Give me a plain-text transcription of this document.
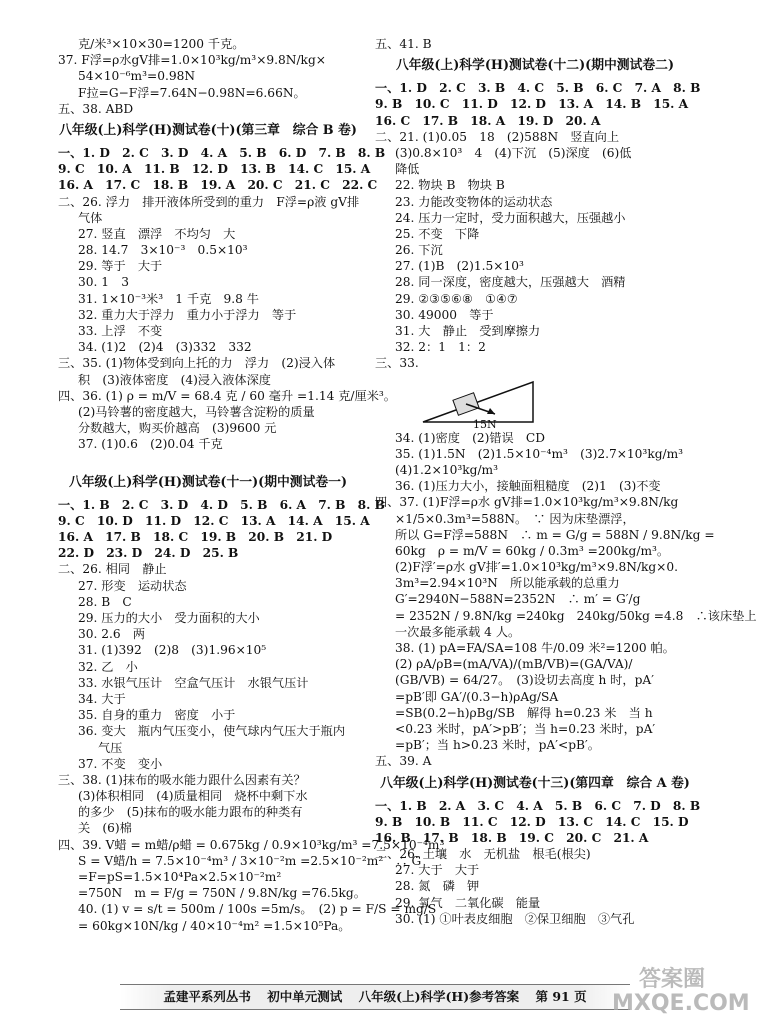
克/米³×10×30=1200 千克。
37. F浮=ρ水gV排=1.0×10³kg/m³×9.8N/kg×
54×10⁻⁶m³=0.98N
F拉=G−F浮=7.64N−0.98N=6.66N。
五、38. ABD
八年级(上)科学(H)测试卷(十)(第三章　综合 B 卷)
一、1. D　2. C　3. D　4. A　5. B　6. D　7. B　8. B
9. C　10. A　11. B　12. D　13. B　14. C　15. A
16. A　17. C　18. B　19. A　20. C　21. C　22. C
二、26. 浮力　排开液体所受到的重力　F浮=ρ液 gV排
气体
27. 竖直　漂浮　不均匀　大
28. 14.7　3×10⁻³　0.5×10³
29. 等于　大于
30. 1　3
31. 1×10⁻³米³　1 千克　9.8 牛
32. 重力大于浮力　重力小于浮力　等于
33. 上浮　不变
34. (1)2　(2)4　(3)332　332
三、35. (1)物体受到向上托的力　浮力　(2)浸入体
积　(3)液体密度　(4)浸入液体深度
四、36. (1) ρ = m/V = 68.4 克 / 60 毫升 =1.14 克/厘米³。
(2)马铃薯的密度越大，马铃薯含淀粉的质量
分数越大，购买价越高　(3)9600 元
37. (1)0.6　(2)0.04 千克
八年级(上)科学(H)测试卷(十一)(期中测试卷一)
一、1. B　2. C　3. D　4. D　5. B　6. A　7. B　8. B
9. C　10. D　11. D　12. C　13. A　14. A　15. A
16. A　17. B　18. C　19. B　20. B　21. D
22. D　23. D　24. D　25. B
二、26. 相同　静止
27. 形变　运动状态
28. B　C
29. 压力的大小　受力面积的大小
30. 2.6　两
31. (1)392　(2)8　(3)1.96×10⁵
32. 乙　小
33. 水银气压计　空盒气压计　水银气压计
34. 大于
35. 自身的重力　密度　小于
36. 变大　瓶内气压变小，使气球内气压大于瓶内
气压
37. 不变　变小
三、38. (1)抹布的吸水能力跟什么因素有关？
(3)体积相同　(4)质量相同　烧杯中剩下水
的多少　(5)抹布的吸水能力跟布的种类有
关　(6)棉
四、39. V蜡 = m蜡/ρ蜡 = 0.675kg / 0.9×10³kg/m³ =7.5×10⁻⁴m³
S = V蜡/h = 7.5×10⁻⁴m³ / 3×10⁻²m =2.5×10⁻²m²　∴ G
=F=pS=1.5×10⁴Pa×2.5×10⁻²m²
=750N　m = F/g = 750N / 9.8N/kg =76.5kg。
40. (1) v = s/t = 500m / 100s =5m/s。　(2) p = F/S = mg/S
= 60kg×10N/kg / 40×10⁻⁴m² =1.5×10⁵Pa。
五、41. B
八年级(上)科学(H)测试卷(十二)(期中测试卷二)
一、1. D　2. C　3. B　4. C　5. B　6. C　7. A　8. B
9. B　10. C　11. D　12. D　13. A　14. B　15. A
16. C　17. B　18. A　19. D　20. A
二、21. (1)0.05　18　(2)588N　竖直向上
(3)0.8×10³　4　(4)下沉　(5)深度　(6)低
降低
22. 物块 B　物块 B
23. 力能改变物体的运动状态
24. 压力一定时，受力面积越大，压强越小
25. 不变　下降
26. 下沉
27. (1)B　(2)1.5×10³
28. 同一深度，密度越大，压强越大　酒精
29. ②③⑤⑥⑧　①④⑦
30. 49000　等于
31. 大　静止　受到摩擦力
32. 2：1　1：2
三、33.
15N
34. (1)密度　(2)错误　CD
35. (1)1.5N　(2)1.5×10⁻⁴m³　(3)2.7×10³kg/m³
(4)1.2×10³kg/m³
36. (1)压力大小，接触面粗糙度　(2)1　(3)不变
四、37. (1)F浮=ρ水 gV排=1.0×10³kg/m³×9.8N/kg
×1/5×0.3m³=588N。　∵ 因为床垫漂浮，
所以 G=F浮=588N　∴ m = G/g = 588N / 9.8N/kg =
60kg　ρ = m/V = 60kg / 0.3m³ =200kg/m³。
(2)F浮′=ρ水 gV排′=1.0×10³kg/m³×9.8N/kg×0.
3m³=2.94×10³N　所以能承载的总重力
G′=2940N−588N=2352N　∴ m′ = G′/g
= 2352N / 9.8N/kg =240kg　240kg/50kg =4.8　∴该床垫上
一次最多能承载 4 人。
38. (1) pA=FA/SA=108 牛/0.09 米²=1200 帕。
(2) ρA/ρB=(mA/VA)/(mB/VB)=(GA/VA)/
(GB/VB) = 64/27。　(3)设切去高度 h 时，pA′
=pB′即 GA′/(0.3−h)ρAg/SA
=SB(0.2−h)ρBg/SB　解得 h=0.23 米　当 h
<0.23 米时，pA′>pB′；当 h=0.23 米时，pA′
=pB′；当 h>0.23 米时，pA′<pB′。
五、39. A
八年级(上)科学(H)测试卷(十三)(第四章　综合 A 卷)
一、1. B　2. A　3. C　4. A　5. B　6. C　7. D　8. B
9. B　10. B　11. C　12. D　13. C　14. C　15. D
16. B　17. B　18. B　19. C　20. C　21. A
二、26. 土壤　水　无机盐　根毛(根尖)
27. 大于　大于
28. 氮　磷　钾
29. 氧气　二氧化碳　能量
30. (1) ①叶表皮细胞　②保卫细胞　③气孔
孟建平系列丛书 初中单元测试 八年级(上)科学(H)参考答案 第 91 页
答案圈 MXQE.COM
